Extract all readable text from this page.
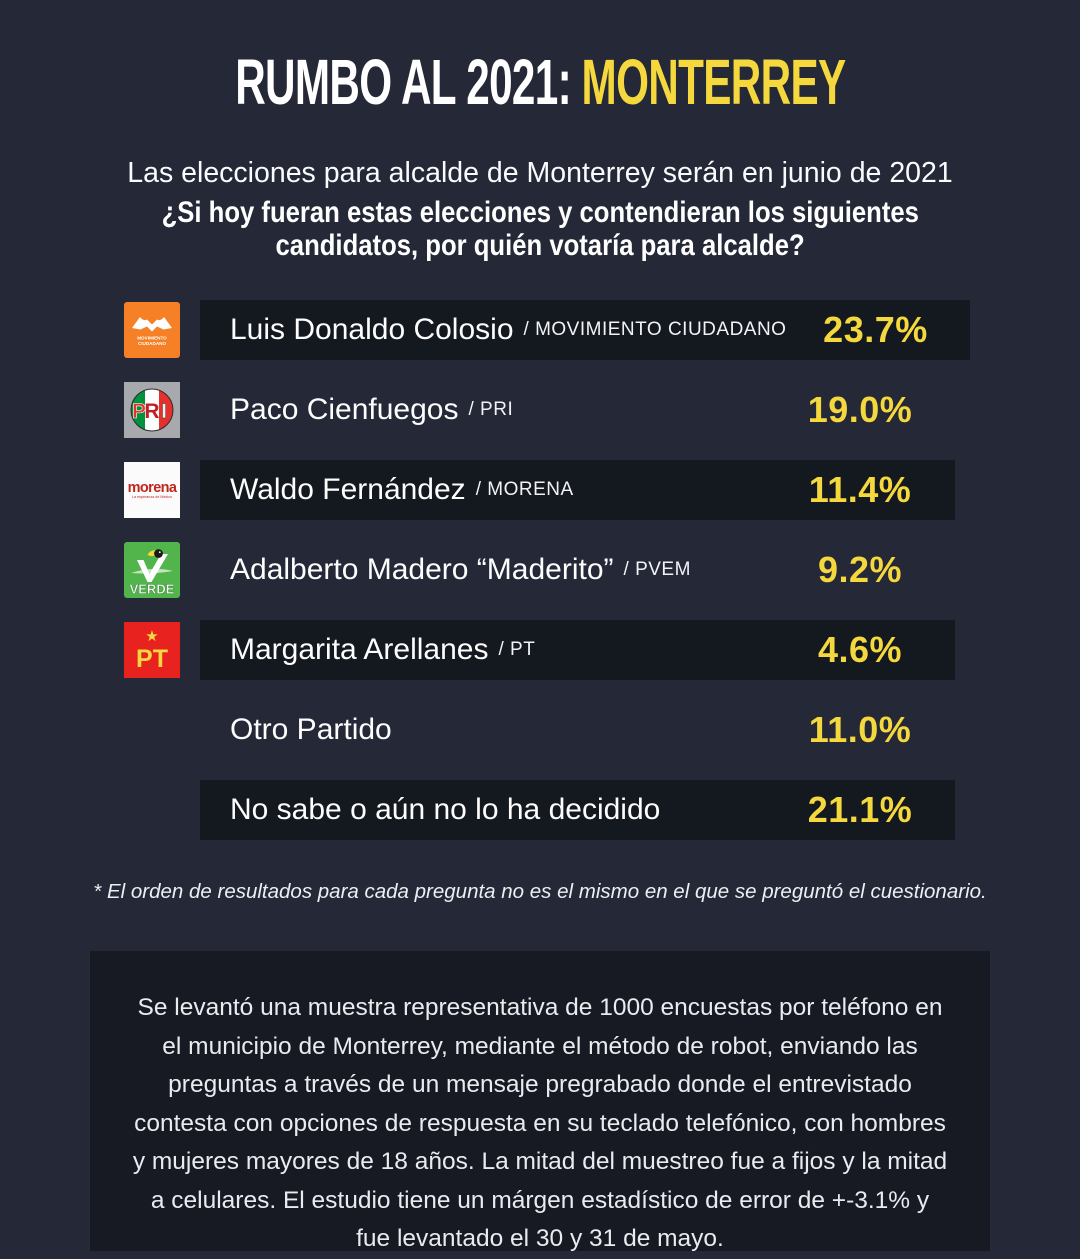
RUMBO AL 2021: MONTERREY
Las elecciones para alcalde de Monterrey serán en junio de 2021
¿Si hoy fueran estas elecciones y contendieran los siguientes
candidatos, por quién votaría para alcalde?
MOVIMIENTO
CIUDADANO Luis Donaldo Colosio / MOVIMIENTO CIUDADANO	23.7%
P
R I Paco Cienfuegos / PRI	19.0%
morena
La esperanza de México Waldo Fernández / MORENA	11.4%
VERDE
Adalberto Madero “Maderito” / PVEM	9.2%
★
PT Margarita Arellanes / PT	4.6%
Otro Partido	11.0%
No sabe o aún no lo ha decidido	21.1%
* El orden de resultados para cada pregunta no es el mismo en el que se preguntó el cuestionario.

Se levantó una muestra representativa de 1000 encuestas por teléfono en el municipio de Monterrey, mediante el método de robot, enviando las preguntas a través de un mensaje pregrabado donde el entrevistado contesta con opciones de respuesta en su teclado telefónico, con hombres y mujeres mayores de 18 años. La mitad del muestreo fue a fijos y la mitad a celulares. El estudio tiene un márgen estadístico de error de +-3.1% y fue levantado el 30 y 31 de mayo.
